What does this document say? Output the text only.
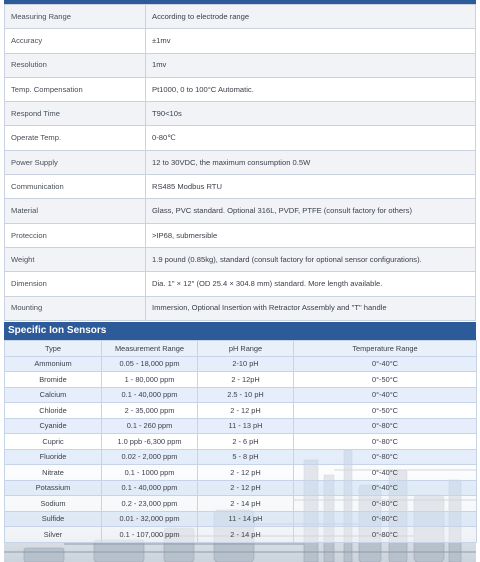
Measuring Range	According to electrode range
Accuracy	±1mv
Resolution	1mv
Temp. Compensation	Pt1000, 0 to 100°C Automatic.
Respond Time	T90<10s
Operate Temp.	0-80℃
Power Supply	12 to 30VDC, the maximum consumption 0.5W
Communication	RS485 Modbus RTU
Material	Glass, PVC standard. Optional 316L, PVDF, PTFE (consult factory for others)
Proteccion	>IP68, submersible
Weight	1.9 pound (0.85kg), standard (consult factory for optional sensor configurations).
Dimension	Dia. 1" × 12" (OD 25.4 × 304.8 mm) standard. More length available.
Mounting	Immersion, Optional Insertion with Retractor Assembly and "T" handle
Specific Ion Sensors
Type	Measurement Range	pH Range	Temperature Range
Ammonium	0.05 - 18,000 ppm	2-10 pH	0°-40°C
Bromide	1 - 80,000 ppm	2 - 12pH	0°-50°C
Calcium	0.1 - 40,000 ppm	2.5 - 10 pH	0°-40°C
Chloride	2 - 35,000 ppm	2 - 12 pH	0°-50°C
Cyanide	0.1 - 260 ppm	11 - 13 pH	0°-80°C
Cupric	1.0 ppb -6,300 ppm	2 - 6 pH	0°-80°C
Fluoride	0.02 - 2,000 ppm	5 - 8 pH	0°-80°C
Nitrate	0.1 - 1000 ppm	2 - 12 pH	0°-40°C
Potassium	0.1 - 40,000 ppm	2 - 12 pH	0°-40°C
Sodium	0.2 - 23,000 ppm	2 - 14 pH	0°-80°C
Sulfide	0.01 - 32,000 ppm	11 - 14 pH	0°-80°C
Silver	0.1 - 107,000 ppm	2 - 14 pH	0°-80°C
